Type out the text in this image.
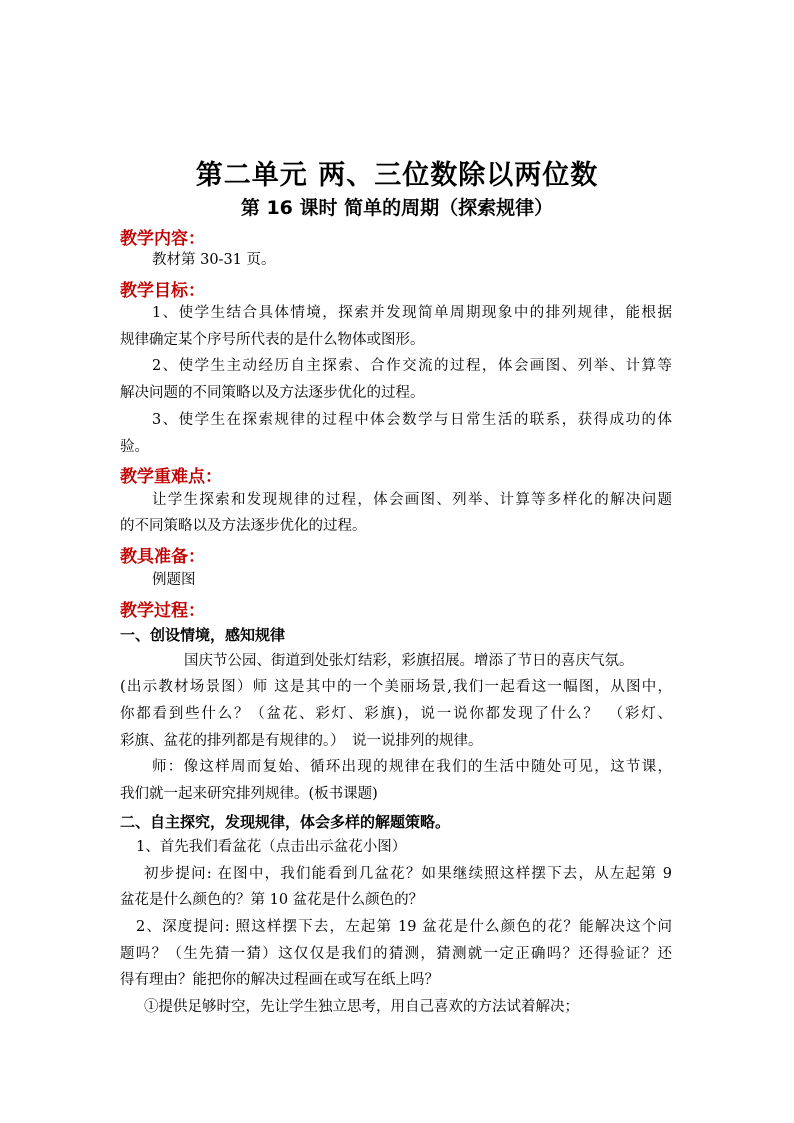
第二单元 两、三位数除以两位数
第 16 课时 简单的周期（探索规律）
教学内容：
教材第 30-31 页。
教学目标：
1、使学生结合具体情境，探索并发现简单周期现象中的排列规律，能根据
规律确定某个序号所代表的是什么物体或图形。
2、使学生主动经历自主探索、合作交流的过程，体会画图、列举、计算等
解决问题的不同策略以及方法逐步优化的过程。
3、使学生在探索规律的过程中体会数学与日常生活的联系，获得成功的体
验。
教学重难点：
让学生探索和发现规律的过程，体会画图、列举、计算等多样化的解决问题
的不同策略以及方法逐步优化的过程。
教具准备：
例题图
教学过程：
一、创设情境，感知规律
国庆节公园、街道到处张灯结彩，彩旗招展。增添了节日的喜庆气氛。
(出示教材场景图）师 这是其中的一个美丽场景,我们一起看这一幅图，从图中，
你都看到些什么？（盆花、彩灯、彩旗)，说一说你都发现了什么？　（彩灯、
彩旗、盆花的排列都是有规律的。）　说一说排列的规律。
师：像这样周而复始、循环出现的规律在我们的生活中随处可见，这节课，
我们就一起来研究排列规律。(板书课题)
二、自主探究，发现规律，体会多样的解题策略。
1、首先我们看盆花（点击出示盆花小图）
初步提问: 在图中，我们能看到几盆花？如果继续照这样摆下去，从左起第 9
盆花是什么颜色的？第 10 盆花是什么颜色的？
2、深度提问: 照这样摆下去，左起第 19 盆花是什么颜色的花？能解决这个问
题吗？（生先猜一猜）这仅仅是我们的猜测，猜测就一定正确吗？还得验证？还
得有理由？能把你的解决过程画在或写在纸上吗？
①提供足够时空，先让学生独立思考，用自己喜欢的方法试着解决；
